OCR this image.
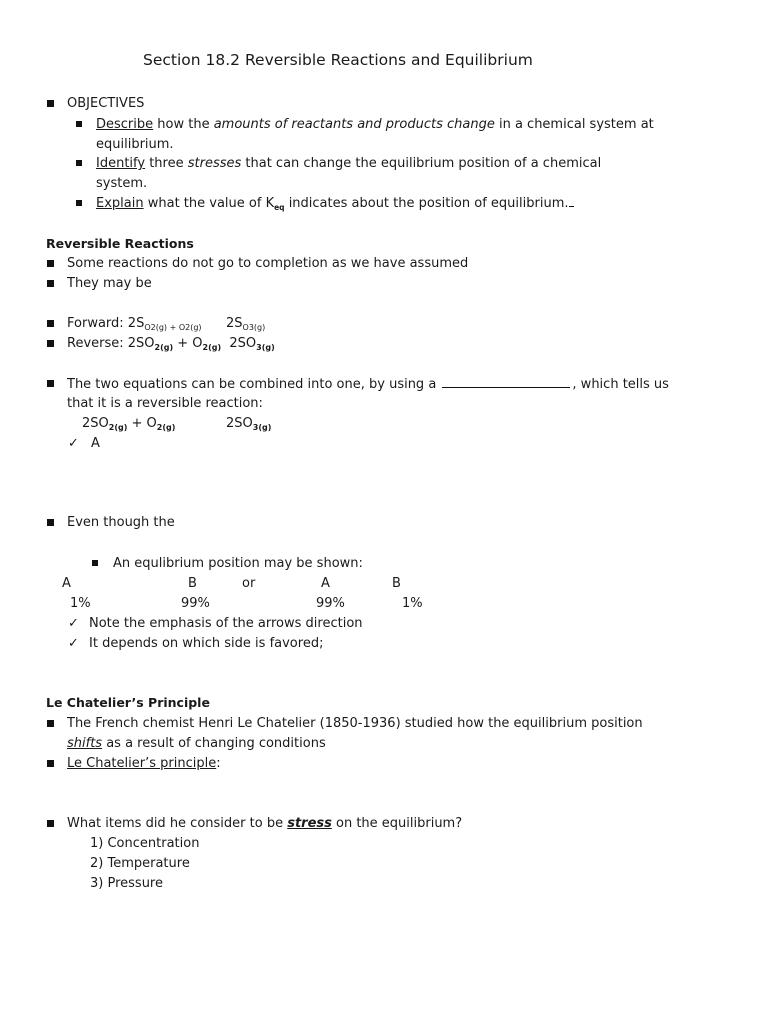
Section 18.2 Reversible Reactions and Equilibrium
OBJECTIVES
Describe how the amounts of reactants and products change in a chemical system at
equilibrium.
Identify three stresses that can change the equilibrium position of a chemical
system.
Explain what the value of $K_{eq}$ indicates about the position of equilibrium.
Reversible Reactions
Some reactions do not go to completion as we have assumed
They may be
Forward: $2S_{O2(g)}$ $_+$ $_{O2(g)}$ $2S_{O3(g)}$
Reverse: $2SO_{2(g)} + O_{2(g)}$ $2SO_{3(g)}$
The two equations can be combined into one, by using a	, which tells us
that it is a reversible reaction:
$2SO_{2(g)} + O_{2(g)}$	$2SO_{3(g)}$
✓ A
Even though the
An equlibrium position may be shown:
A	B	or	A	B
1%	99%	99%	1%
✓ Note the emphasis of the arrows direction
✓ It depends on which side is favored;
Le Chatelier’s Principle
The French chemist Henri Le Chatelier (1850-1936) studied how the equilibrium position
shifts as a result of changing conditions
Le Chatelier’s principle:
What items did he consider to be stress on the equilibrium?
1) Concentration
2) Temperature
3) Pressure
